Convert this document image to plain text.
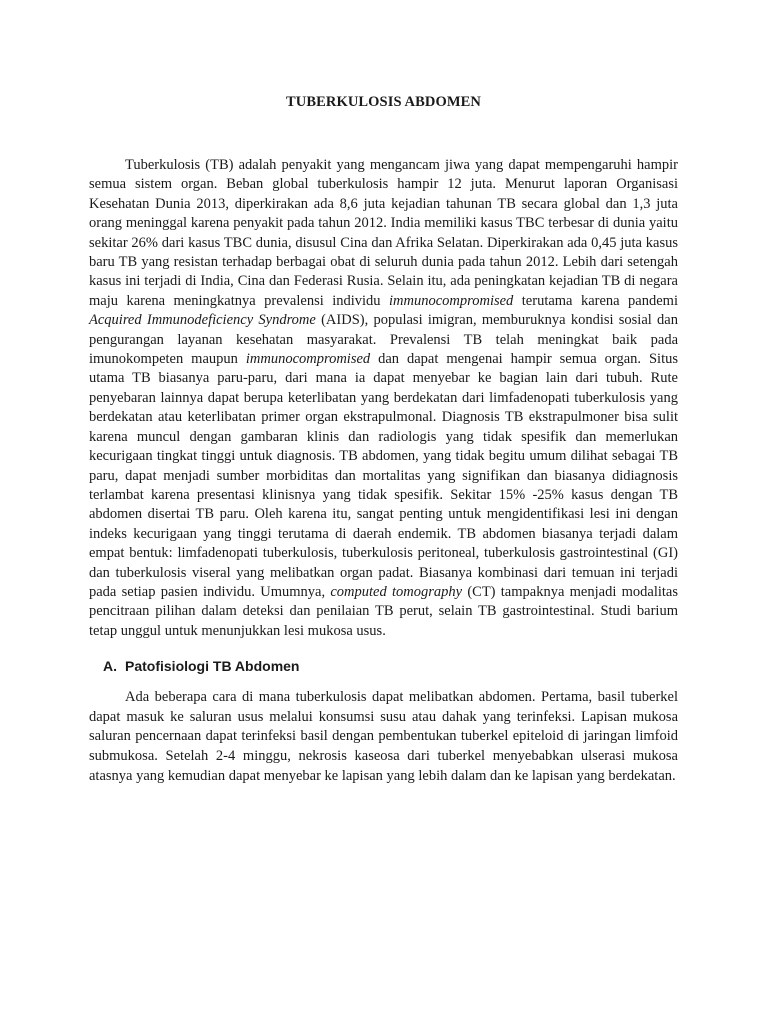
TUBERKULOSIS ABDOMEN

Tuberkulosis (TB) adalah penyakit yang mengancam jiwa yang dapat mempengaruhi hampir semua sistem organ. Beban global tuberkulosis hampir 12 juta. Menurut laporan Organisasi Kesehatan Dunia 2013, diperkirakan ada 8,6 juta kejadian tahunan TB secara global dan 1,3 juta orang meninggal karena penyakit pada tahun 2012. India memiliki kasus TBC terbesar di dunia yaitu sekitar 26% dari kasus TBC dunia, disusul Cina dan Afrika Selatan. Diperkirakan ada 0,45 juta kasus baru TB yang resistan terhadap berbagai obat di seluruh dunia pada tahun 2012. Lebih dari setengah kasus ini terjadi di India, Cina dan Federasi Rusia. Selain itu, ada peningkatan kejadian TB di negara maju karena meningkatnya prevalensi individu immunocompromised terutama karena pandemi Acquired Immunodeficiency Syndrome (AIDS), populasi imigran, memburuknya kondisi sosial dan pengurangan layanan kesehatan masyarakat. Prevalensi TB telah meningkat baik pada imunokompeten maupun immunocompromised dan dapat mengenai hampir semua organ. Situs utama TB biasanya paru-paru, dari mana ia dapat menyebar ke bagian lain dari tubuh. Rute penyebaran lainnya dapat berupa keterlibatan yang berdekatan dari limfadenopati tuberkulosis yang berdekatan atau keterlibatan primer organ ekstrapulmonal. Diagnosis TB ekstrapulmoner bisa sulit karena muncul dengan gambaran klinis dan radiologis yang tidak spesifik dan memerlukan kecurigaan tingkat tinggi untuk diagnosis. TB abdomen, yang tidak begitu umum dilihat sebagai TB paru, dapat menjadi sumber morbiditas dan mortalitas yang signifikan dan biasanya didiagnosis terlambat karena presentasi klinisnya yang tidak spesifik. Sekitar 15% -25% kasus dengan TB abdomen disertai TB paru. Oleh karena itu, sangat penting untuk mengidentifikasi lesi ini dengan indeks kecurigaan yang tinggi terutama di daerah endemik. TB abdomen biasanya terjadi dalam empat bentuk: limfadenopati tuberkulosis, tuberkulosis peritoneal, tuberkulosis gastrointestinal (GI) dan tuberkulosis viseral yang melibatkan organ padat. Biasanya kombinasi dari temuan ini terjadi pada setiap pasien individu. Umumnya, computed tomography (CT) tampaknya menjadi modalitas pencitraan pilihan dalam deteksi dan penilaian TB perut, selain TB gastrointestinal. Studi barium tetap unggul untuk menunjukkan lesi mukosa usus.

A. Patofisiologi TB Abdomen

Ada beberapa cara di mana tuberkulosis dapat melibatkan abdomen. Pertama, basil tuberkel dapat masuk ke saluran usus melalui konsumsi susu atau dahak yang terinfeksi. Lapisan mukosa saluran pencernaan dapat terinfeksi basil dengan pembentukan tuberkel epiteloid di jaringan limfoid submukosa. Setelah 2-4 minggu, nekrosis kaseosa dari tuberkel menyebabkan ulserasi mukosa atasnya yang kemudian dapat menyebar ke lapisan yang lebih dalam dan ke lapisan yang berdekatan.
